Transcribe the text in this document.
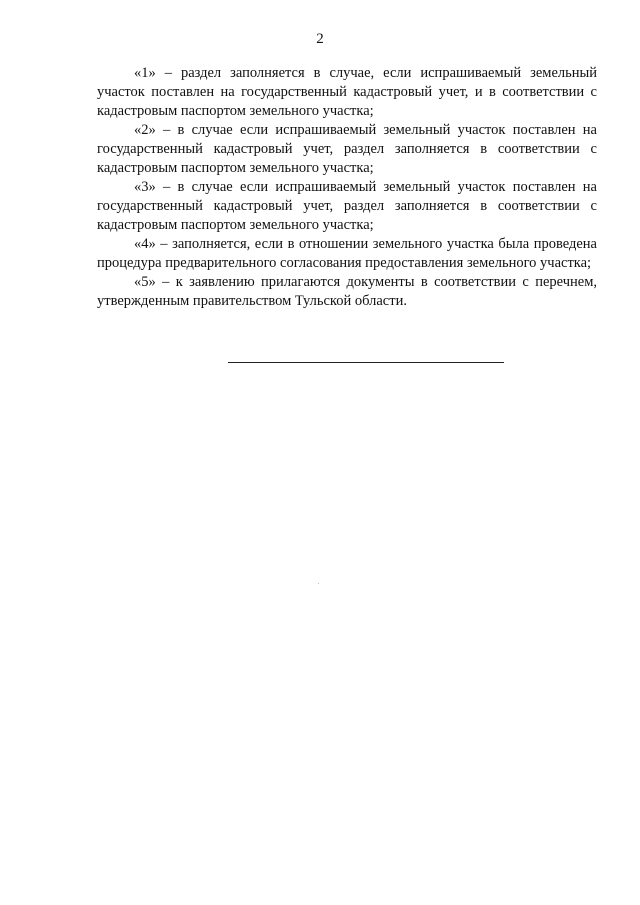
2

«1» – раздел заполняется в случае, если испрашиваемый земельный участок поставлен на государственный кадастровый учет, и в соответствии с кадастровым паспортом земельного участка;

«2» – в случае если испрашиваемый земельный участок поставлен на государственный кадастровый учет, раздел заполняется в соответствии с кадастровым паспортом земельного участка;

«3» – в случае если испрашиваемый земельный участок поставлен на государственный кадастровый учет, раздел заполняется в соответствии с кадастровым паспортом земельного участка;

«4» – заполняется, если в отношении земельного участка была проведена процедура предварительного согласования предоставления земельного участка;

«5» – к заявлению прилагаются документы в соответствии с перечнем, утвержденным правительством Тульской области.
